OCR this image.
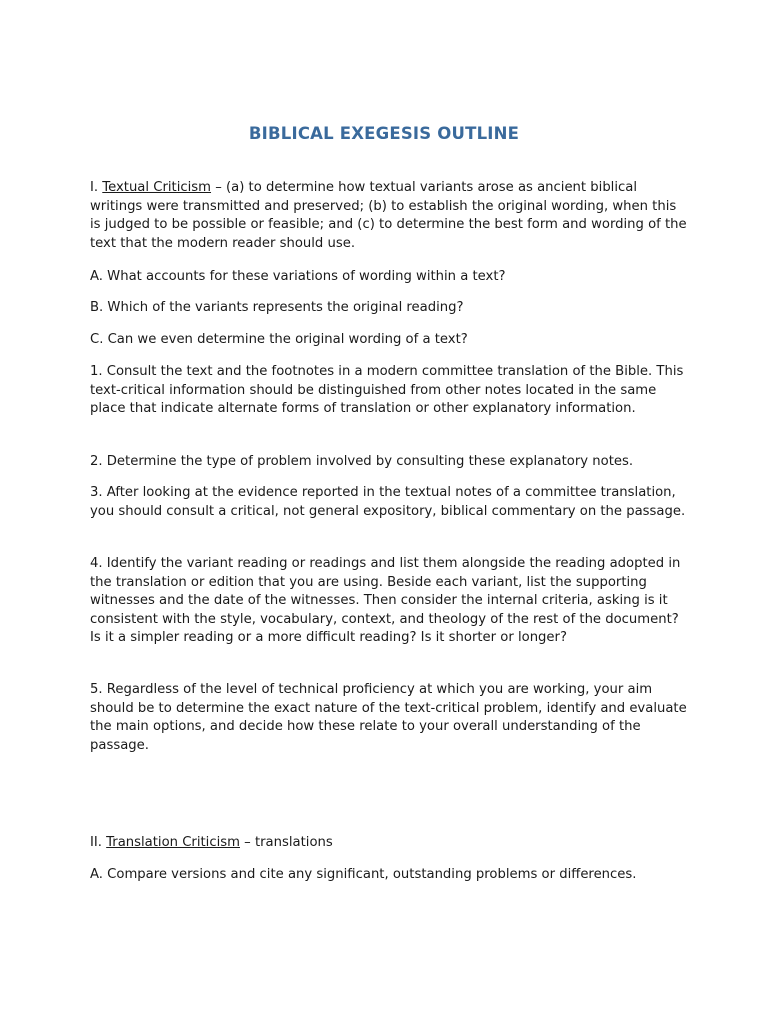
BIBLICAL EXEGESIS OUTLINE

I. Textual Criticism – (a) to determine how textual variants arose as ancient biblical writings were transmitted and preserved; (b) to establish the original wording, when this is judged to be possible or feasible; and (c) to determine the best form and wording of the text that the modern reader should use.

A. What accounts for these variations of wording within a text?

B. Which of the variants represents the original reading?

C. Can we even determine the original wording of a text?

1. Consult the text and the footnotes in a modern committee translation of the Bible. This text-critical information should be distinguished from other notes located in the same place that indicate alternate forms of translation or other explanatory information.

2. Determine the type of problem involved by consulting these explanatory notes.

3. After looking at the evidence reported in the textual notes of a committee translation, you should consult a critical, not general expository, biblical commentary on the passage.

4. Identify the variant reading or readings and list them alongside the reading adopted in the translation or edition that you are using. Beside each variant, list the supporting witnesses and the date of the witnesses. Then consider the internal criteria, asking is it consistent with the style, vocabulary, context, and theology of the rest of the document? Is it a simpler reading or a more difficult reading? Is it shorter or longer?

5. Regardless of the level of technical proficiency at which you are working, your aim should be to determine the exact nature of the text-critical problem, identify and evaluate the main options, and decide how these relate to your overall understanding of the passage.

II. Translation Criticism – translations

A. Compare versions and cite any significant, outstanding problems or differences.
